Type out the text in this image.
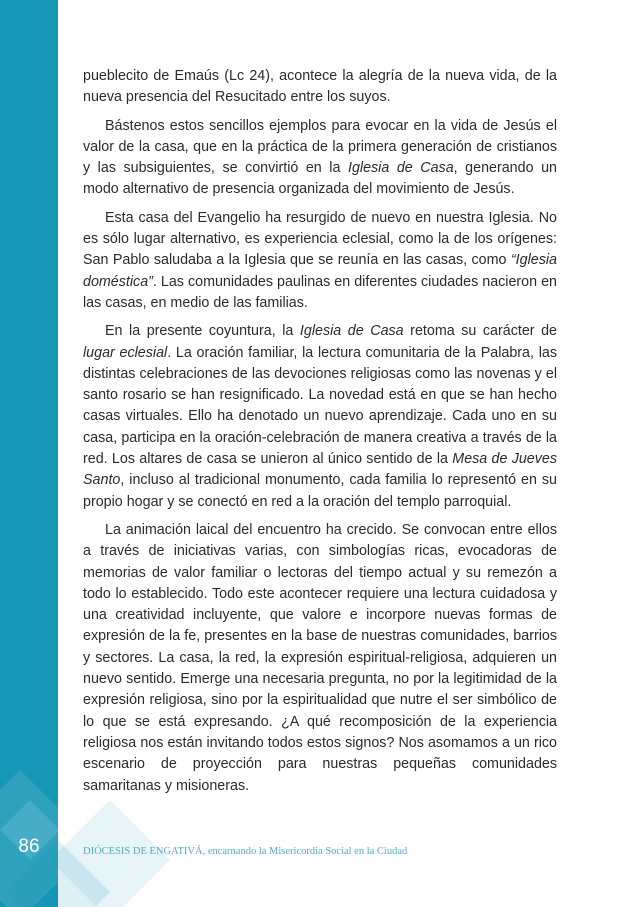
86

pueblecito de Emaús (Lc 24), acontece la alegría de la nueva vida, de la nueva presencia del Resucitado entre los suyos.

Bástenos estos sencillos ejemplos para evocar en la vida de Jesús el valor de la casa, que en la práctica de la primera generación de cristianos y las subsiguientes, se convirtió en la Iglesia de Casa, generando un modo alternativo de presencia organizada del movimiento de Jesús.

Esta casa del Evangelio ha resurgido de nuevo en nuestra Iglesia. No es sólo lugar alternativo, es experiencia eclesial, como la de los orígenes: San Pablo saludaba a la Iglesia que se reunía en las casas, como “Iglesia doméstica”. Las comunidades paulinas en diferentes ciudades nacieron en las casas, en medio de las familias.

En la presente coyuntura, la Iglesia de Casa retoma su carácter de lugar eclesial. La oración familiar, la lectura comunitaria de la Palabra, las distintas celebraciones de las devociones religiosas como las novenas y el santo rosario se han resignificado. La novedad está en que se han hecho casas virtuales. Ello ha denotado un nuevo aprendizaje. Cada uno en su casa, participa en la oración-celebración de manera creativa a través de la red. Los altares de casa se unieron al único sentido de la Mesa de Jueves Santo, incluso al tradicional monumento, cada familia lo representó en su propio hogar y se conectó en red a la oración del templo parroquial.

La animación laical del encuentro ha crecido. Se convocan entre ellos a través de iniciativas varias, con simbologías ricas, evocadoras de memorias de valor familiar o lectoras del tiempo actual y su remezón a todo lo establecido. Todo este acontecer requiere una lectura cuidadosa y una creatividad incluyente, que valore e incorpore nuevas formas de expresión de la fe, presentes en la base de nuestras comunidades, barrios y sectores. La casa, la red, la expresión espiritual-religiosa, adquieren un nuevo sentido. Emerge una necesaria pregunta, no por la legitimidad de la expresión religiosa, sino por la espiritualidad que nutre el ser simbólico de lo que se está expresando. ¿A qué recomposición de la experiencia religiosa nos están invitando todos estos signos? Nos asomamos a un rico escenario de proyección para nuestras pequeñas comunidades samaritanas y misioneras.

DIÓCESIS DE ENGATIVÁ, encarnando la Misericordia Social en la Ciudad
